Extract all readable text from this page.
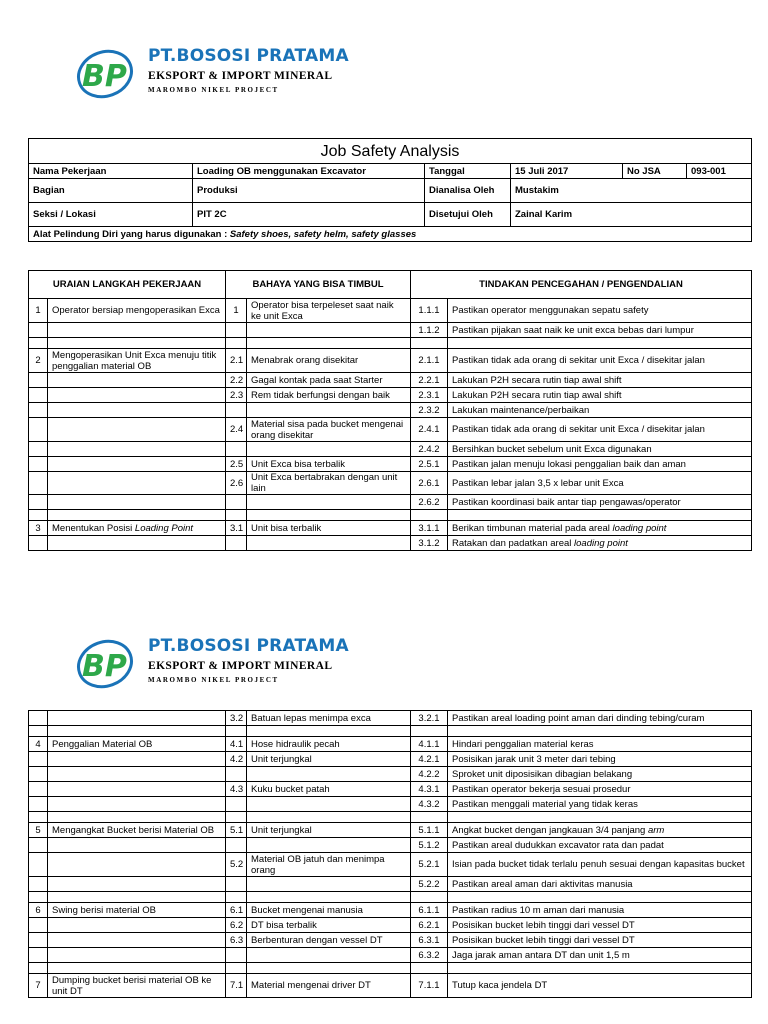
BP
PT.BOSOSI PRATAMA
EKSPORT & IMPORT MINERAL
MAROMBO NIKEL PROJECT
Job Safety Analysis					
Nama Pekerjaan	Loading OB menggunakan Excavator	Tanggal	15 Juli 2017	No JSA	093-001
Bagian	Produksi	Dianalisa Oleh	Mustakim		
Seksi / Lokasi	PIT 2C	Disetujui Oleh	Zainal Karim		
Alat Pelindung Diri yang harus digunakan : Safety shoes, safety helm, safety glasses					
URAIAN LANGKAH PEKERJAAN		BAHAYA YANG BISA TIMBUL		TINDAKAN PENCEGAHAN / PENGENDALIAN	
1	Operator bersiap mengoperasikan Exca	1	Operator bisa terpeleset saat naik ke unit Exca	1.1.1	Pastikan operator menggunakan sepatu safety
				1.1.2	Pastikan pijakan saat naik ke unit exca bebas dari lumpur

2	Mengoperasikan Unit Exca menuju titik penggalian material OB	2.1	Menabrak orang disekitar	2.1.1	Pastikan tidak ada orang di sekitar unit Exca / disekitar jalan
		2.2	Gagal kontak pada saat Starter	2.2.1	Lakukan P2H secara rutin tiap awal shift
		2.3	Rem tidak berfungsi dengan baik	2.3.1	Lakukan P2H secara rutin tiap awal shift
				2.3.2	Lakukan maintenance/perbaikan
		2.4	Material sisa pada bucket mengenai orang disekitar	2.4.1	Pastikan tidak ada orang di sekitar unit Exca / disekitar jalan
				2.4.2	Bersihkan bucket sebelum unit Exca digunakan
		2.5	Unit Exca bisa terbalik	2.5.1	Pastikan jalan menuju lokasi penggalian baik dan aman
		2.6	Unit Exca bertabrakan dengan unit lain	2.6.1	Pastikan lebar jalan 3,5 x lebar unit Exca
				2.6.2	Pastikan koordinasi baik antar tiap pengawas/operator

3	Menentukan Posisi Loading Point	3.1	Unit bisa terbalik	3.1.1	Berikan timbunan material pada areal loading point
				3.1.2	Ratakan dan padatkan areal loading point
BP
PT.BOSOSI PRATAMA
EKSPORT & IMPORT MINERAL
MAROMBO NIKEL PROJECT
		3.2	Batuan lepas menimpa exca	3.2.1	Pastikan areal loading point aman dari dinding tebing/curam

4	Penggalian Material OB	4.1	Hose hidraulik pecah	4.1.1	Hindari penggalian material keras
		4.2	Unit terjungkal	4.2.1	Posisikan jarak unit 3 meter dari tebing
				4.2.2	Sproket unit diposisikan dibagian belakang
		4.3	Kuku bucket patah	4.3.1	Pastikan operator bekerja sesuai prosedur
				4.3.2	Pastikan menggali material yang tidak keras

5	Mengangkat Bucket berisi Material OB	5.1	Unit terjungkal	5.1.1	Angkat bucket dengan jangkauan 3/4 panjang arm
				5.1.2	Pastikan areal dudukkan excavator rata dan padat
		5.2	Material OB jatuh dan menimpa orang	5.2.1	Isian pada bucket tidak terlalu penuh sesuai dengan kapasitas bucket
				5.2.2	Pastikan areal aman dari aktivitas manusia

6	Swing berisi material OB	6.1	Bucket mengenai manusia	6.1.1	Pastikan radius 10 m aman dari manusia
		6.2	DT bisa terbalik	6.2.1	Posisikan bucket lebih tinggi dari vessel DT
		6.3	Berbenturan dengan vessel DT	6.3.1	Posisikan bucket lebih tinggi dari vessel DT
				6.3.2	Jaga jarak aman antara DT dan unit 1,5 m

7	Dumping bucket berisi material OB ke unit DT	7.1	Material mengenai driver DT	7.1.1	Tutup kaca jendela DT
